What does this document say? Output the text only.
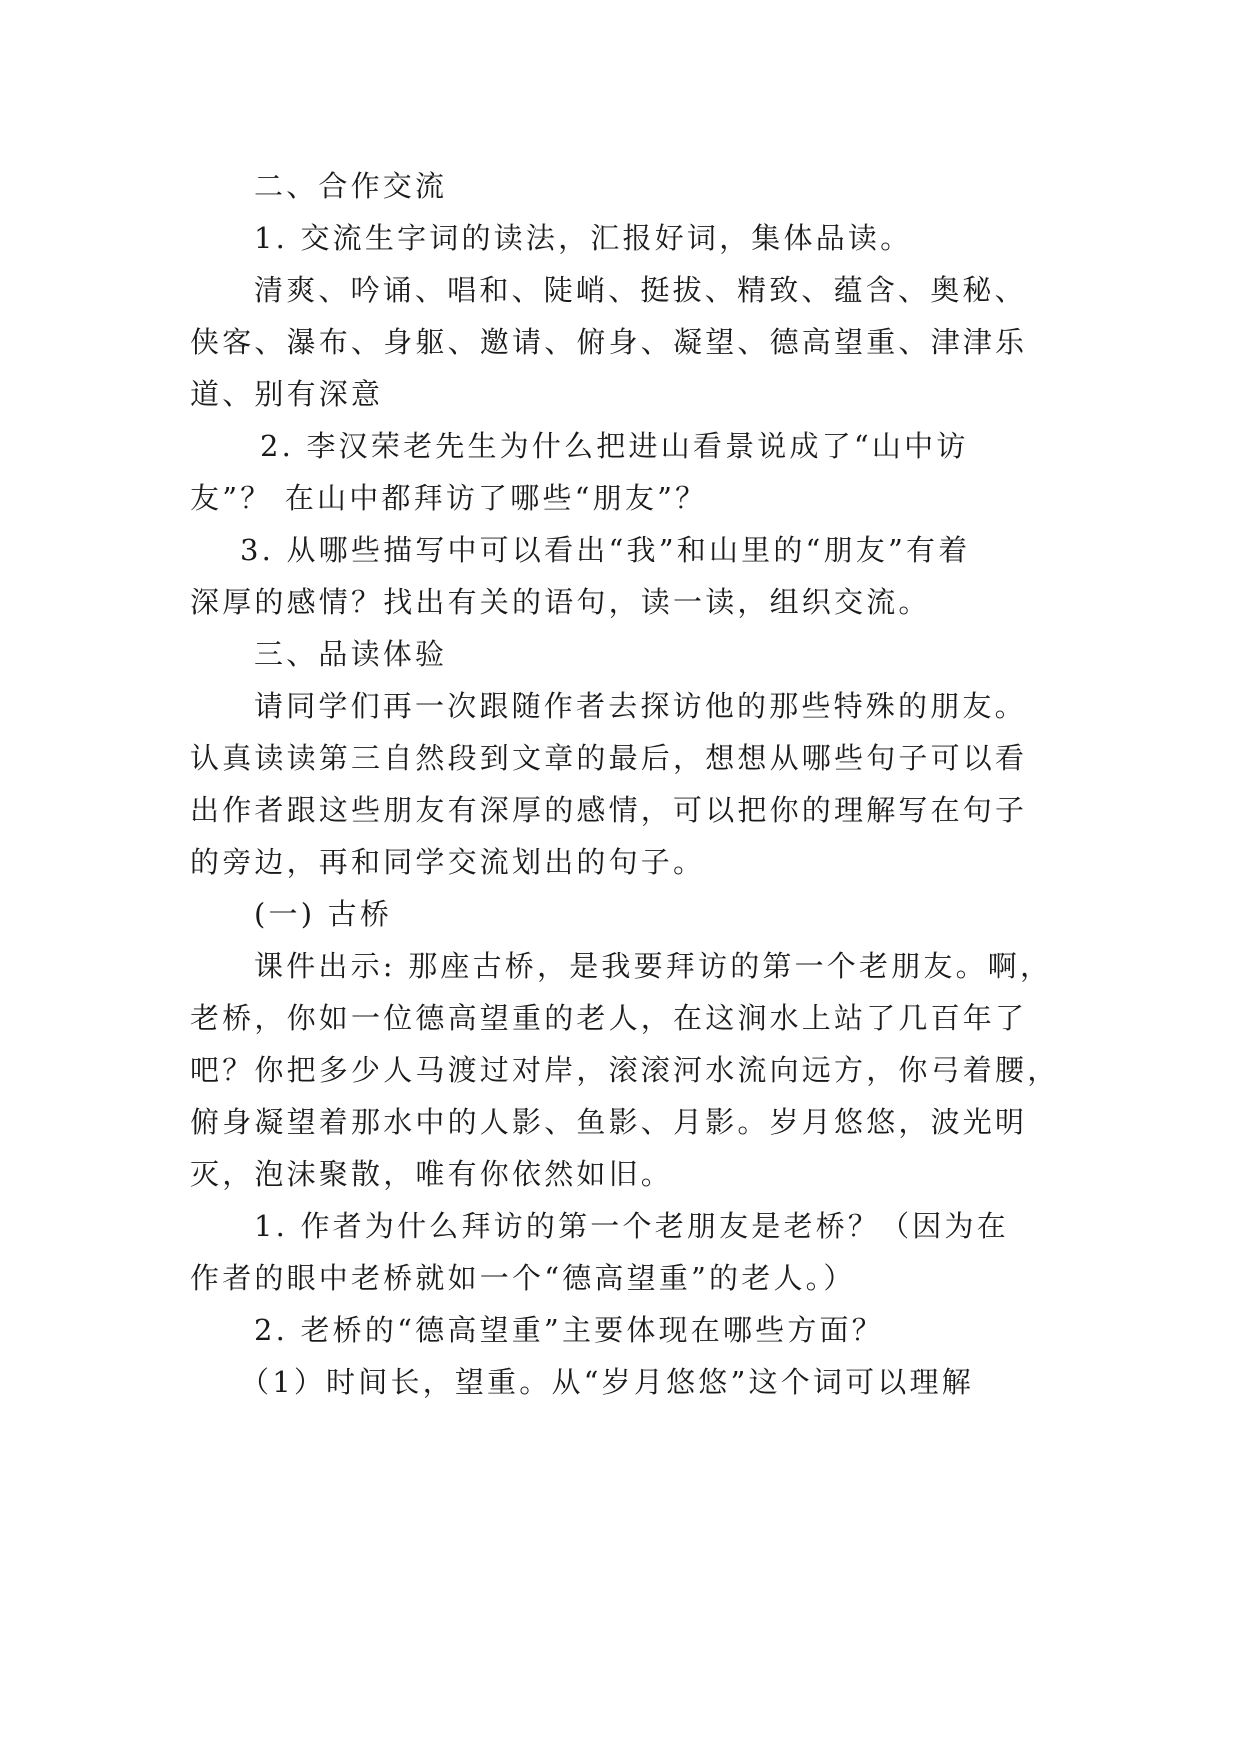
二、合作交流
1. 交流生字词的读法，汇报好词，集体品读。
清爽、吟诵、唱和、陡峭、挺拔、精致、蕴含、奥秘、
侠客、瀑布、身躯、邀请、俯身、凝望、德高望重、津津乐
道、别有深意
2. 李汉荣老先生为什么把进山看景说成了“山中访
友”？ 在山中都拜访了哪些“朋友”？
3. 从哪些描写中可以看出“我”和山里的“朋友”有着
深厚的感情？找出有关的语句，读一读，组织交流。
三、品读体验
请同学们再一次跟随作者去探访他的那些特殊的朋友。
认真读读第三自然段到文章的最后，想想从哪些句子可以看
出作者跟这些朋友有深厚的感情，可以把你的理解写在句子
的旁边，再和同学交流划出的句子。
(一) 古桥
课件出示: 那座古桥，是我要拜访的第一个老朋友。啊，
老桥，你如一位德高望重的老人，在这涧水上站了几百年了
吧？你把多少人马渡过对岸，滚滚河水流向远方，你弓着腰，
俯身凝望着那水中的人影、鱼影、月影。岁月悠悠，波光明
灭，泡沫聚散，唯有你依然如旧。
1. 作者为什么拜访的第一个老朋友是老桥？（因为在
作者的眼中老桥就如一个“德高望重”的老人。）
2. 老桥的“德高望重”主要体现在哪些方面？
（1）时间长，望重。从“岁月悠悠”这个词可以理解
